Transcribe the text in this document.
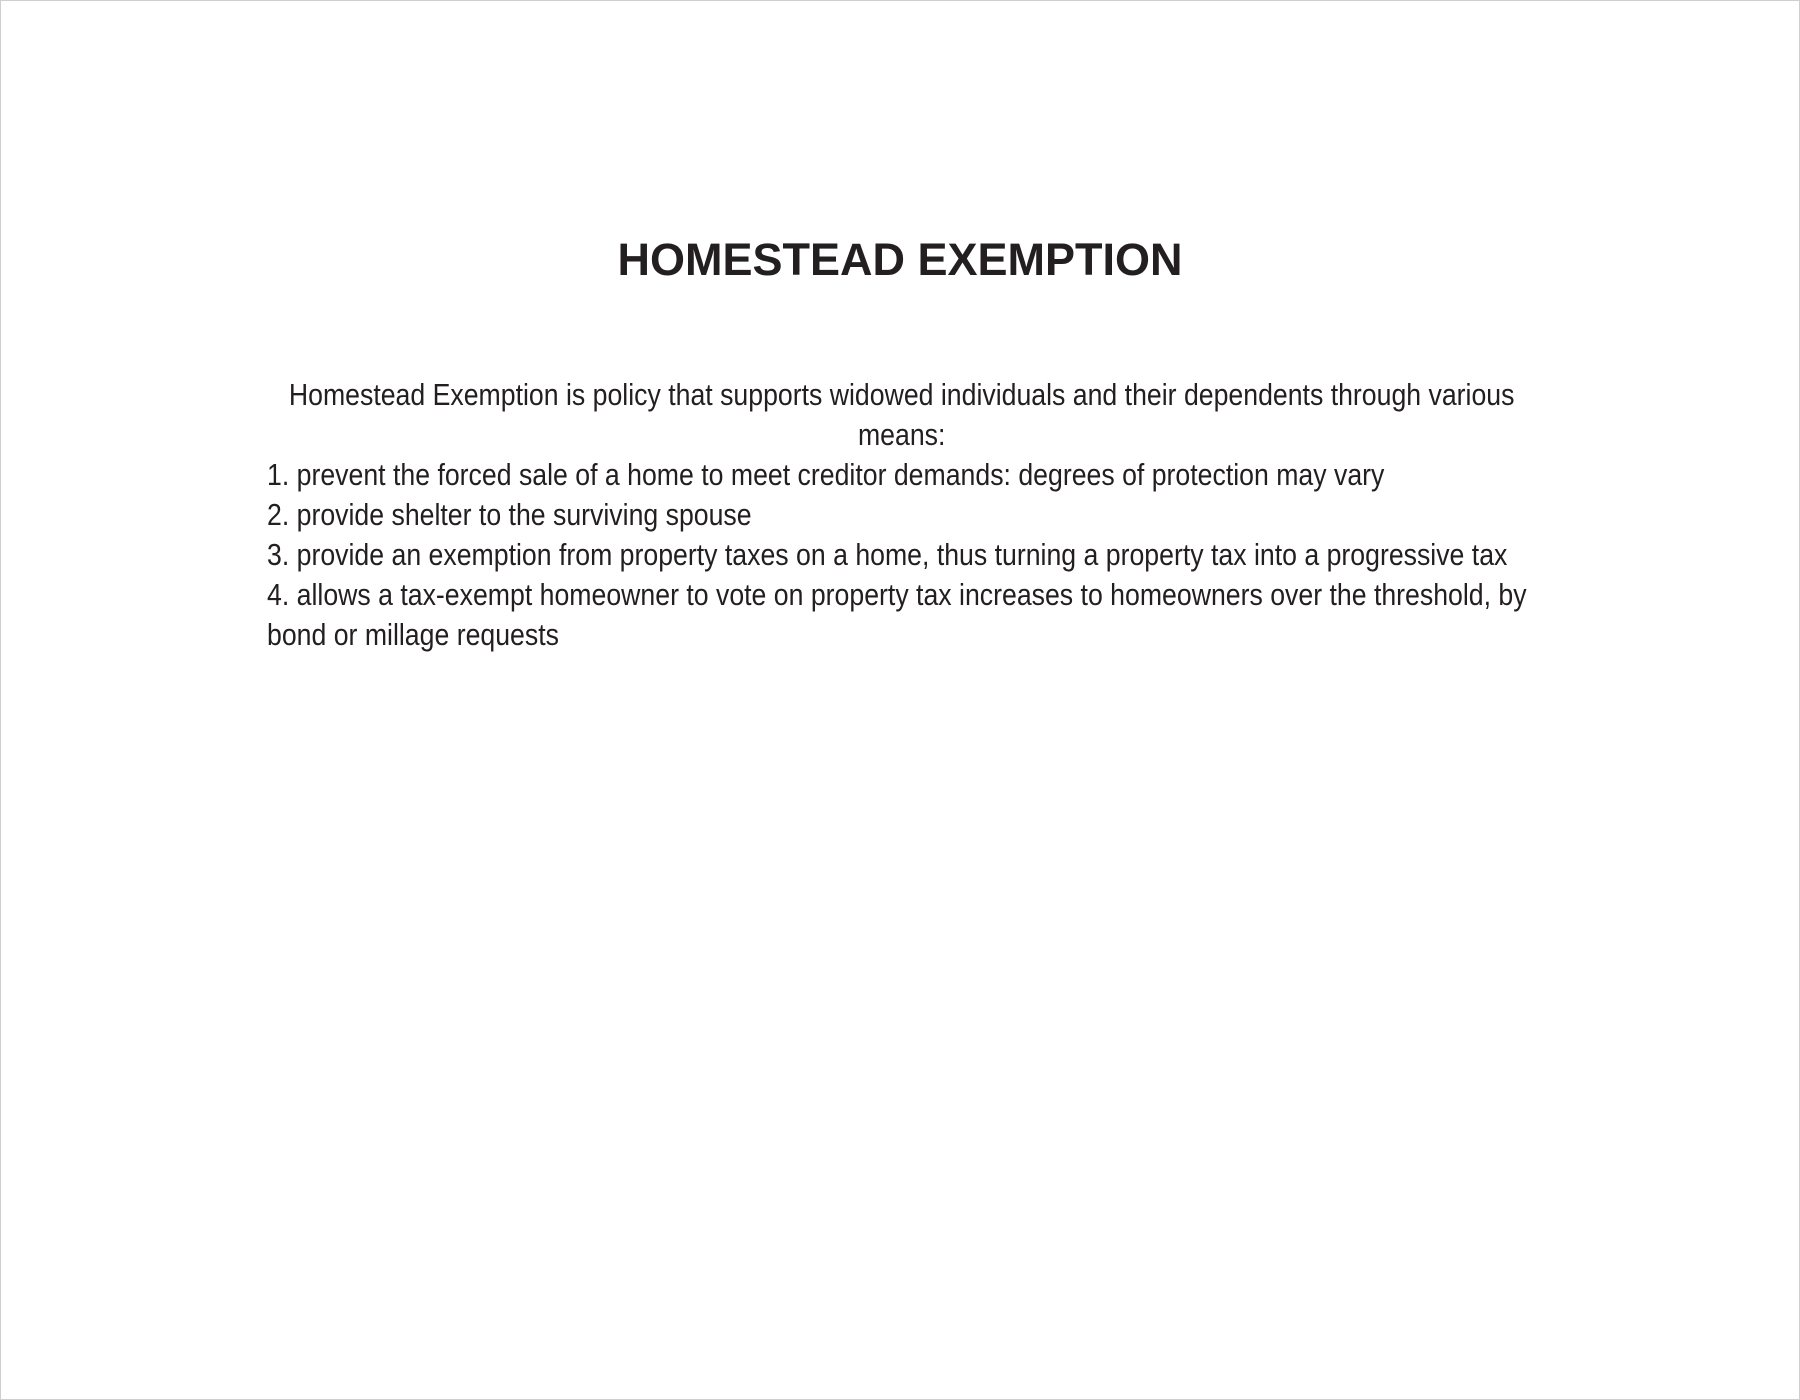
HOMESTEAD EXEMPTION

Homestead Exemption is policy that supports widowed individuals and their dependents through various means:

1. prevent the forced sale of a home to meet creditor demands: degrees of protection may vary

2. provide shelter to the surviving spouse

3. provide an exemption from property taxes on a home, thus turning a property tax into a progressive tax

4. allows a tax-exempt homeowner to vote on property tax increases to homeowners over the threshold, by bond or millage requests
